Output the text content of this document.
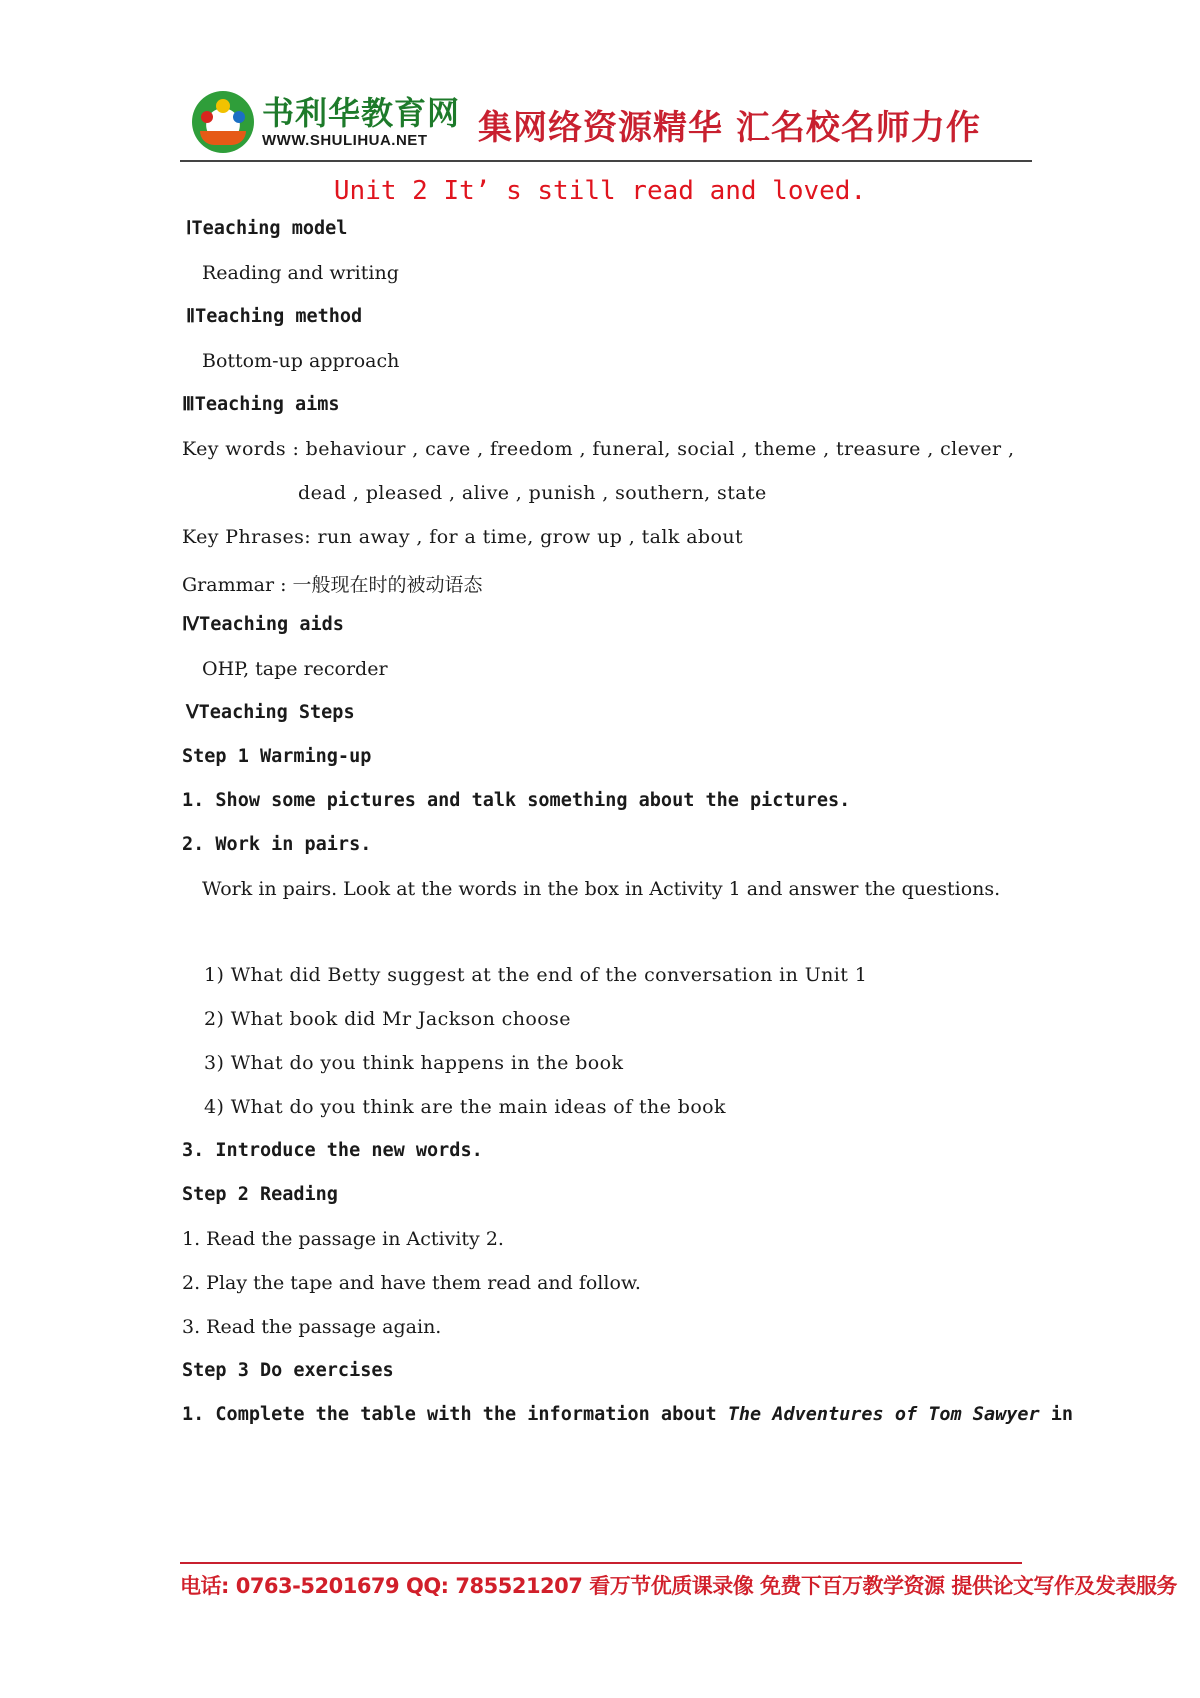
书利华教育网
WWW.SHULIHUA.NET 集网络资源精华 汇名校名师力作
Unit 2 It’ s still read and loved.
ⅠTeaching model
Reading and writing
ⅡTeaching method
Bottom-up approach
ⅢTeaching aims
Key words : behaviour , cave , freedom , funeral, social , theme , treasure , clever ,
dead , pleased , alive , punish , southern, state
Key Phrases: run away , for a time, grow up , talk about
Grammar : 一般现在时的被动语态
ⅣTeaching aids
OHP, tape recorder
ⅤTeaching Steps
Step 1 Warming-up
1. Show some pictures and talk something about the pictures.
2. Work in pairs.
Work in pairs. Look at the words in the box in Activity 1 and answer the questions.
1) What did Betty suggest at the end of the conversation in Unit 1
2) What book did Mr Jackson choose
3) What do you think happens in the book
4) What do you think are the main ideas of the book
3. Introduce the new words.
Step 2 Reading
1. Read the passage in Activity 2.
2. Play the tape and have them read and follow.
3. Read the passage again.
Step 3 Do exercises
1. Complete the table with the information about The Adventures of Tom Sawyer in
电话: 0763-5201679 QQ: 785521207 看万节优质课录像 免费下百万教学资源 提供论文写作及发表服务
